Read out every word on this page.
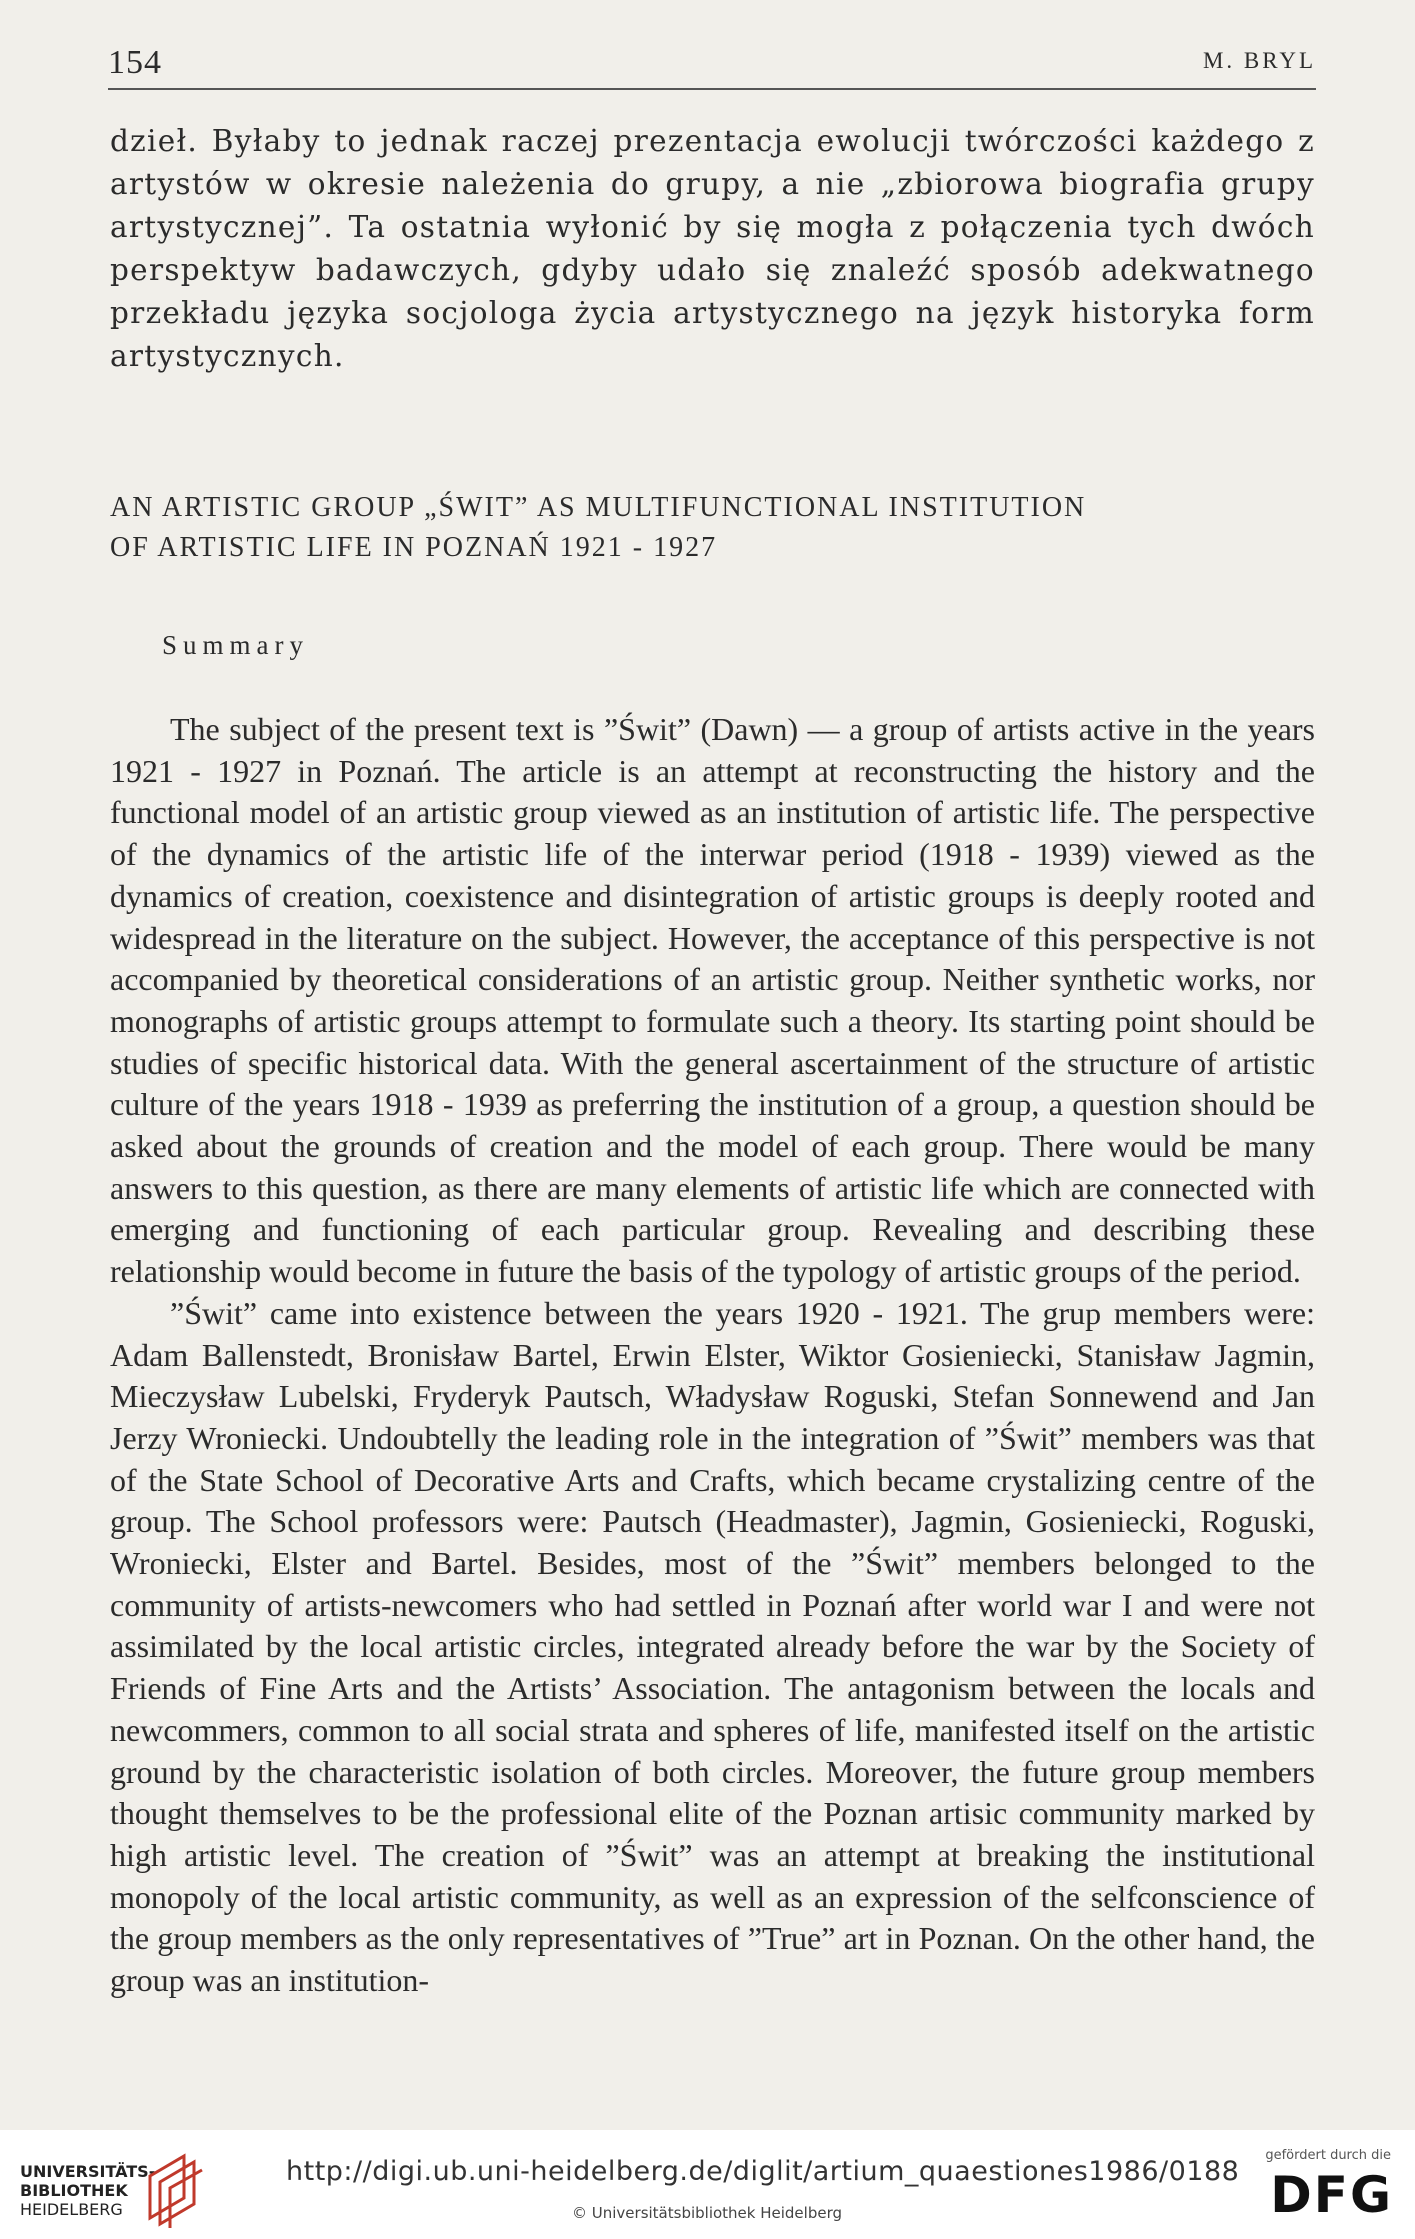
154	M. BRYL

dzieł. Byłaby to jednak raczej prezentacja ewolucji twórczości każdego z artystów w okresie należenia do grupy, a nie „zbiorowa biografia grupy artystycznej”. Ta ostatnia wyłonić by się mogła z połączenia tych dwóch perspektyw badawczych, gdyby udało się znaleźć sposób adekwatnego przekładu języka socjologa życia artystycznego na język historyka form artystycznych.

AN ARTISTIC GROUP „ŚWIT” AS MULTIFUNCTIONAL INSTITUTION
OF ARTISTIC LIFE IN POZNAŃ 1921 - 1927
Summary

The subject of the present text is ”Świt” (Dawn) — a group of artists active in the years 1921 - 1927 in Poznań. The article is an attempt at reconstructing the history and the functional model of an artistic group viewed as an institution of artistic life. The perspective of the dynamics of the artistic life of the interwar period (1918 - 1939) viewed as the dynamics of creation, coexistence and disintegration of artistic groups is deeply rooted and widespread in the literature on the subject. However, the acceptance of this perspective is not accompanied by theoretical considerations of an artistic group. Neither synthetic works, nor monographs of artistic groups attempt to formulate such a theory. Its starting point should be studies of specific historical data. With the general ascertainment of the structure of artistic culture of the years 1918 - 1939 as preferring the institution of a group, a question should be asked about the grounds of creation and the model of each group. There would be many answers to this question, as there are many elements of artistic life which are connected with emerging and functioning of each particular group. Revealing and describing these relationship would become in future the basis of the typology of artistic groups of the period.

”Świt” came into existence between the years 1920 - 1921. The grup members were: Adam Ballenstedt, Bronisław Bartel, Erwin Elster, Wiktor Gosieniecki, Stanisław Jagmin, Mieczysław Lubelski, Fryderyk Pautsch, Władysław Roguski, Stefan Sonnewend and Jan Jerzy Wroniecki. Undoubtelly the leading role in the integration of ”Świt” members was that of the State School of Decorative Arts and Crafts, which became crystalizing centre of the group. The School professors were: Pautsch (Headmaster), Jagmin, Gosieniecki, Roguski, Wroniecki, Elster and Bartel. Besides, most of the ”Świt” members belonged to the community of artists-newcomers who had settled in Poznań after world war I and were not assimilated by the local artistic circles, integrated already before the war by the Society of Friends of Fine Arts and the Artists’ Association. The antagonism between the locals and newcommers, common to all social strata and spheres of life, manifested itself on the artistic ground by the characteristic isolation of both circles. Moreover, the future group members thought themselves to be the professional elite of the Poznan artisic community marked by high artistic level. The creation of ”Świt” was an attempt at breaking the institutional monopoly of the local artistic community, as well as an expression of the selfconscience of the group members as the only representatives of ”True” art in Poznan. On the other hand, the group was an institution-

UNIVERSITÄTS-
BIBLIOTHEK
HEIDELBERG
http://digi.ub.uni-heidelberg.de/diglit/artium_quaestiones1986/0188
© Universitätsbibliothek Heidelberg
gefördert durch die
DFG
